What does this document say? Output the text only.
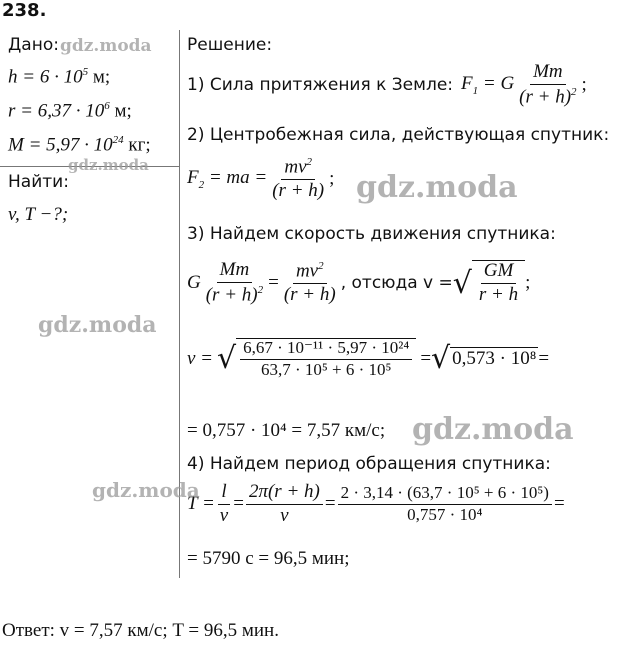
238.
Дано:
$h = 6 \cdot 10^5$ м;
$r = 6,37 \cdot 10^6$ м;
$M = 5,97 \cdot 10^{24}$ кг;
Найти:
v, T −?;
Решение:
1) Сила притяжения к Земле: $F_1 = G \frac{Mm}{(r + h)^2}$ ;
2) Центробежная сила, действующая спутник:
$F_2$ = ma = $\frac{mv^2}{(r + h)}$ ;
3) Найдем скорость движения спутника:
G $\frac{Mm}{(r + h)^2} = \frac{mv^2}{(r + h)}$ , отсюда v = √ $\frac{GM}{r + h}$ ;
v = √ $\frac{\text{6,67 · 10⁻¹¹ · 5,97 · 10²⁴}}{\text{63,7 · 10⁵ + 6 · 10⁵}}$ = √ 0,573 · 10⁸ =
= 0,757 · 10⁴ = 7,57 км/с;
4) Найдем период обращения спутника:
$T = \frac{l}{v} = \frac{2\pi(r + h)}{v} = \frac{\text{2 · 3,14 · (63,7 · 10⁵ + 6 · 10⁵)}}{\text{0,757 · 10⁴}}$ =
= 5790 с = 96,5 мин;
Ответ: v = 7,57 км/с; T = 96,5 мин.
gdz.moda
gdz.moda
gdz.moda
gdz.moda
gdz.moda
gdz.moda
